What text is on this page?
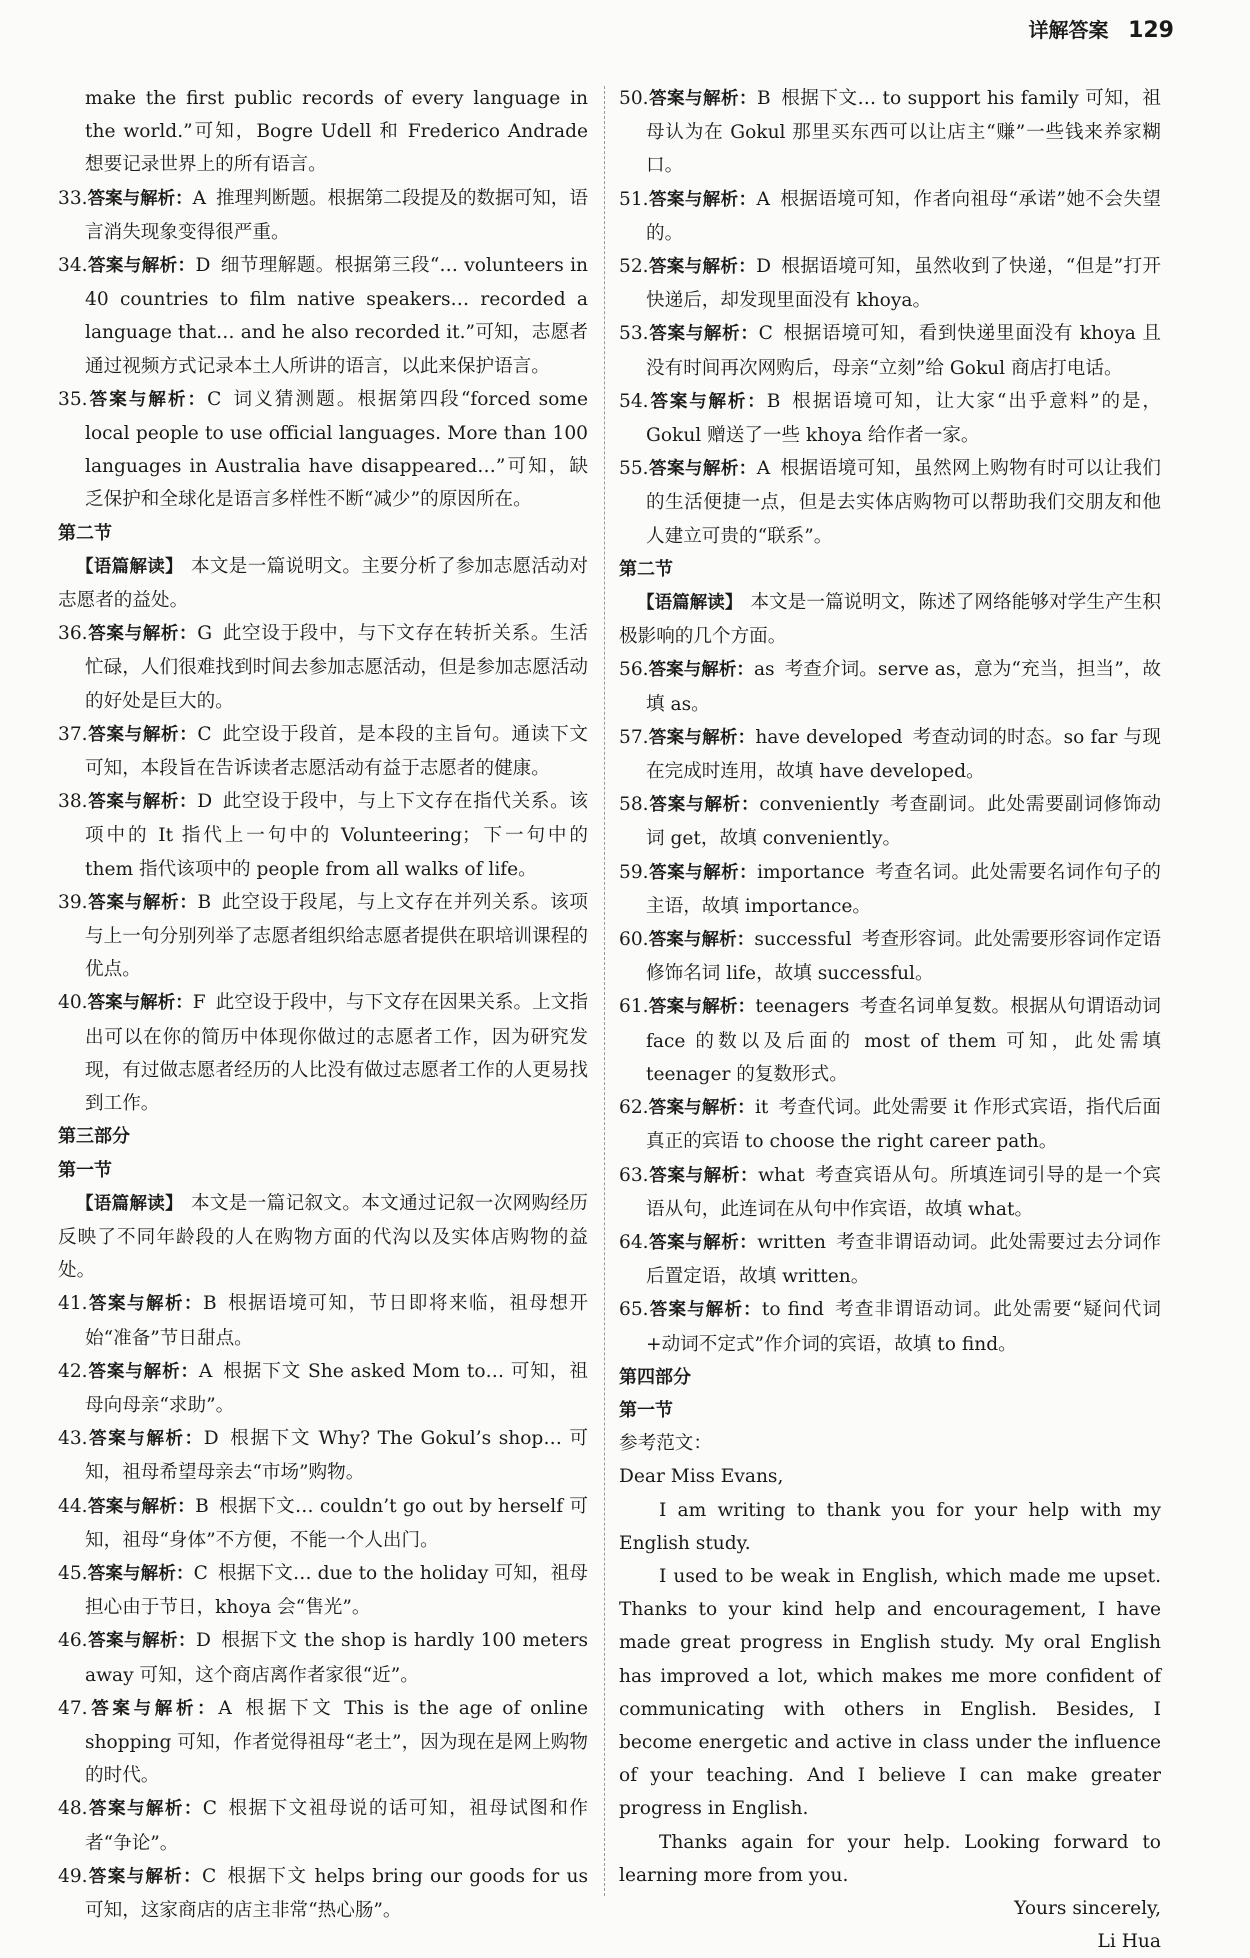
详解答案 129

make the first public records of every language in the world.”可知，Bogre Udell 和 Frederico Andrade 想要记录世界上的所有语言。

33.答案与解析：A 推理判断题。根据第二段提及的数据可知，语言消失现象变得很严重。

34.答案与解析：D 细节理解题。根据第三段“… volunteers in 40 countries to film native speakers… recorded a language that… and he also recorded it.”可知，志愿者通过视频方式记录本土人所讲的语言，以此来保护语言。

35.答案与解析：C 词义猜测题。根据第四段“forced some local people to use official languages. More than 100 languages in Australia have disappeared…”可知，缺乏保护和全球化是语言多样性不断“减少”的原因所在。

第二节

【语篇解读】 本文是一篇说明文。主要分析了参加志愿活动对志愿者的益处。

36.答案与解析：G 此空设于段中，与下文存在转折关系。生活忙碌，人们很难找到时间去参加志愿活动，但是参加志愿活动的好处是巨大的。

37.答案与解析：C 此空设于段首，是本段的主旨句。通读下文可知，本段旨在告诉读者志愿活动有益于志愿者的健康。

38.答案与解析：D 此空设于段中，与上下文存在指代关系。该项中的 It 指代上一句中的 Volunteering；下一句中的 them 指代该项中的 people from all walks of life。

39.答案与解析：B 此空设于段尾，与上文存在并列关系。该项与上一句分别列举了志愿者组织给志愿者提供在职培训课程的优点。

40.答案与解析：F 此空设于段中，与下文存在因果关系。上文指出可以在你的简历中体现你做过的志愿者工作，因为研究发现，有过做志愿者经历的人比没有做过志愿者工作的人更易找到工作。

第三部分

第一节

【语篇解读】 本文是一篇记叙文。本文通过记叙一次网购经历反映了不同年龄段的人在购物方面的代沟以及实体店购物的益处。

41.答案与解析：B 根据语境可知，节日即将来临，祖母想开始“准备”节日甜点。

42.答案与解析：A 根据下文 She asked Mom to… 可知，祖母向母亲“求助”。

43.答案与解析：D 根据下文 Why? The Gokul’s shop… 可知，祖母希望母亲去“市场”购物。

44.答案与解析：B 根据下文… couldn’t go out by herself 可知，祖母“身体”不方便，不能一个人出门。

45.答案与解析：C 根据下文… due to the holiday 可知，祖母担心由于节日，khoya 会“售光”。

46.答案与解析：D 根据下文 the shop is hardly 100 meters away 可知，这个商店离作者家很“近”。

47.答案与解析：A 根据下文 This is the age of online shopping 可知，作者觉得祖母“老土”，因为现在是网上购物的时代。

48.答案与解析：C 根据下文祖母说的话可知，祖母试图和作者“争论”。

49.答案与解析：C 根据下文 helps bring our goods for us 可知，这家商店的店主非常“热心肠”。

50.答案与解析：B 根据下文… to support his family 可知，祖母认为在 Gokul 那里买东西可以让店主“赚”一些钱来养家糊口。

51.答案与解析：A 根据语境可知，作者向祖母“承诺”她不会失望的。

52.答案与解析：D 根据语境可知，虽然收到了快递，“但是”打开快递后，却发现里面没有 khoya。

53.答案与解析：C 根据语境可知，看到快递里面没有 khoya 且没有时间再次网购后，母亲“立刻”给 Gokul 商店打电话。

54.答案与解析：B 根据语境可知，让大家“出乎意料”的是，Gokul 赠送了一些 khoya 给作者一家。

55.答案与解析：A 根据语境可知，虽然网上购物有时可以让我们的生活便捷一点，但是去实体店购物可以帮助我们交朋友和他人建立可贵的“联系”。

第二节

【语篇解读】 本文是一篇说明文，陈述了网络能够对学生产生积极影响的几个方面。

56.答案与解析：as 考查介词。serve as，意为“充当，担当”，故填 as。

57.答案与解析：have developed 考查动词的时态。so far 与现在完成时连用，故填 have developed。

58.答案与解析：conveniently 考查副词。此处需要副词修饰动词 get，故填 conveniently。

59.答案与解析：importance 考查名词。此处需要名词作句子的主语，故填 importance。

60.答案与解析：successful 考查形容词。此处需要形容词作定语修饰名词 life，故填 successful。

61.答案与解析：teenagers 考查名词单复数。根据从句谓语动词 face 的数以及后面的 most of them 可知，此处需填 teenager 的复数形式。

62.答案与解析：it 考查代词。此处需要 it 作形式宾语，指代后面真正的宾语 to choose the right career path。

63.答案与解析：what 考查宾语从句。所填连词引导的是一个宾语从句，此连词在从句中作宾语，故填 what。

64.答案与解析：written 考查非谓语动词。此处需要过去分词作后置定语，故填 written。

65.答案与解析：to find 考查非谓语动词。此处需要“疑问代词+动词不定式”作介词的宾语，故填 to find。

第四部分

第一节

参考范文：

Dear Miss Evans,

I am writing to thank you for your help with my English study.

I used to be weak in English, which made me upset. Thanks to your kind help and encouragement, I have made great progress in English study. My oral English has improved a lot, which makes me more confident of communicating with others in English. Besides, I become energetic and active in class under the influence of your teaching. And I believe I can make greater progress in English.

Thanks again for your help. Looking forward to learning more from you.

Yours sincerely,

Li Hua
